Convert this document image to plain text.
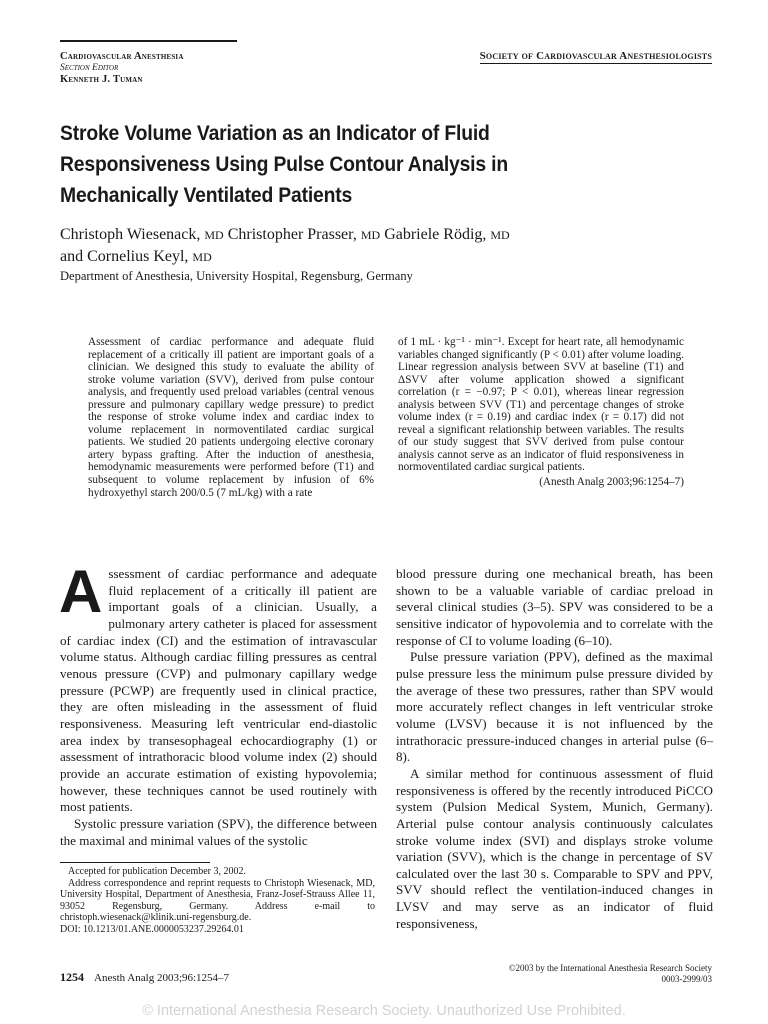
Cardiovascular Anesthesia
Section Editor
Kenneth J. Tuman
Society of Cardiovascular Anesthesiologists
Stroke Volume Variation as an Indicator of Fluid Responsiveness Using Pulse Contour Analysis in Mechanically Ventilated Patients
Christoph Wiesenack, MD Christopher Prasser, MD Gabriele Rödig, MD
and Cornelius Keyl, MD
Department of Anesthesia, University Hospital, Regensburg, Germany
Assessment of cardiac performance and adequate fluid replacement of a critically ill patient are important goals of a clinician. We designed this study to evaluate the ability of stroke volume variation (SVV), derived from pulse contour analysis, and frequently used preload variables (central venous pressure and pulmonary capillary wedge pressure) to predict the response of stroke volume index and cardiac index to volume replacement in normoventilated cardiac surgical patients. We studied 20 patients undergoing elective coronary artery bypass grafting. After the induction of anesthesia, hemodynamic measurements were performed before (T1) and subsequent to volume replacement by infusion of 6% hydroxyethyl starch 200/0.5 (7 mL/kg) with a rate
of 1 mL · kg⁻¹ · min⁻¹. Except for heart rate, all hemodynamic variables changed significantly (P < 0.01) after volume loading. Linear regression analysis between SVV at baseline (T1) and ΔSVV after volume application showed a significant correlation (r = −0.97; P < 0.01), whereas linear regression analysis between SVV (T1) and percentage changes of stroke volume index (r = 0.19) and cardiac index (r = 0.17) did not reveal a significant relationship between variables. The results of our study suggest that SVV derived from pulse contour analysis cannot serve as an indicator of fluid responsiveness in normoventilated cardiac surgical patients.
(Anesth Analg 2003;96:1254–7)

Assessment of cardiac performance and adequate fluid replacement of a critically ill patient are important goals of a clinician. Usually, a pulmonary artery catheter is placed for assessment of cardiac index (CI) and the estimation of intravascular volume status. Although cardiac filling pressures as central venous pressure (CVP) and pulmonary capillary wedge pressure (PCWP) are frequently used in clinical practice, they are often misleading in the assessment of fluid responsiveness. Measuring left ventricular end-diastolic area index by transesophageal echocardiography (1) or assessment of intrathoracic blood volume index (2) should provide an accurate estimation of existing hypovolemia; however, these techniques cannot be used routinely with most patients.

Systolic pressure variation (SPV), the difference between the maximal and minimal values of the systolic

blood pressure during one mechanical breath, has been shown to be a valuable variable of cardiac preload in several clinical studies (3–5). SPV was considered to be a sensitive indicator of hypovolemia and to correlate with the response of CI to volume loading (6–10).

Pulse pressure variation (PPV), defined as the maximal pulse pressure less the minimum pulse pressure divided by the average of these two pressures, rather than SPV would more accurately reflect changes in left ventricular stroke volume (LVSV) because it is not influenced by the intrathoracic pressure-induced changes in arterial pulse (6–8).

A similar method for continuous assessment of fluid responsiveness is offered by the recently introduced PiCCO system (Pulsion Medical System, Munich, Germany). Arterial pulse contour analysis continuously calculates stroke volume index (SVI) and displays stroke volume variation (SVV), which is the change in percentage of SV calculated over the last 30 s. Comparable to SPV and PPV, SVV should reflect the ventilation-induced changes in LVSV and may serve as an indicator of fluid responsiveness,

Accepted for publication December 3, 2002.

Address correspondence and reprint requests to Christoph Wiesenack, MD, University Hospital, Department of Anesthesia, Franz-Josef-Strauss Allee 11, 93052 Regensburg, Germany. Address e-mail to christoph.wiesenack@klinik.uni-regensburg.de.

DOI: 10.1213/01.ANE.0000053237.29264.01

1254 Anesth Analg 2003;96:1254–7
©2003 by the International Anesthesia Research Society
0003-2999/03
© International Anesthesia Research Society. Unauthorized Use Prohibited.
